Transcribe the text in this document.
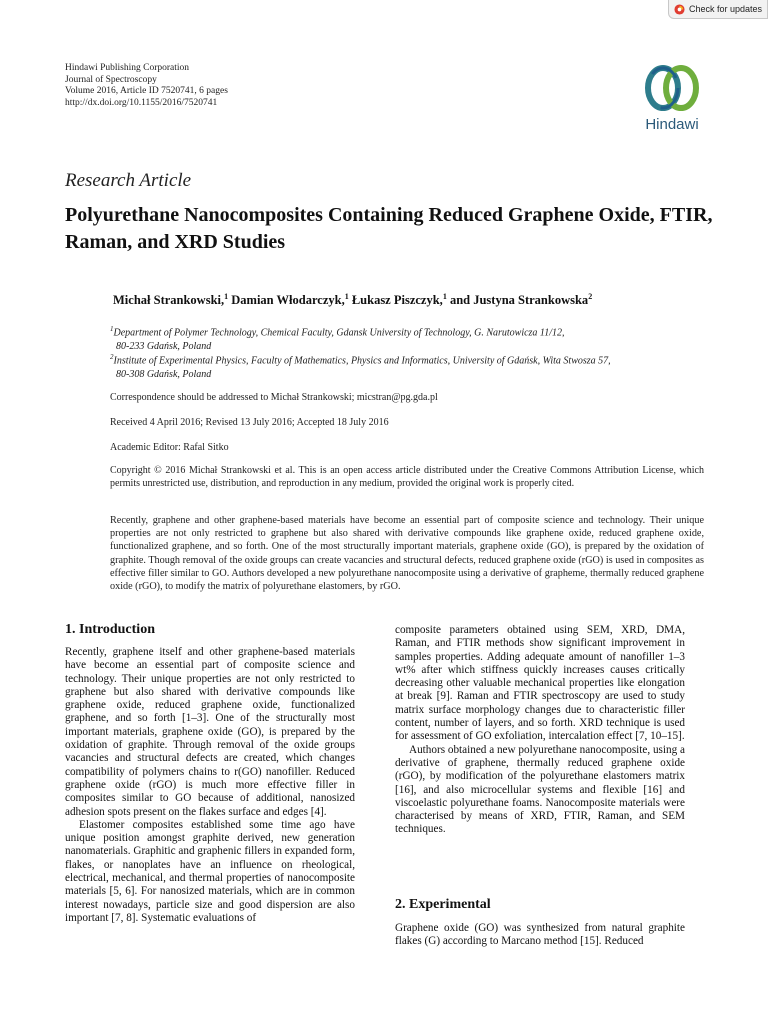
Check for updates
Hindawi Publishing Corporation
Journal of Spectroscopy
Volume 2016, Article ID 7520741, 6 pages
http://dx.doi.org/10.1155/2016/7520741
Hindawi
Research Article
Polyurethane Nanocomposites Containing Reduced Graphene Oxide, FTIR, Raman, and XRD Studies
Michał Strankowski,$^1$ Damian Włodarczyk,$^1$ Łukasz Piszczyk,$^1$ and Justyna Strankowska$^2$
$^1$Department of Polymer Technology, Chemical Faculty, Gdansk University of Technology, G. Narutowicza 11/12,
80-233 Gdańsk, Poland
$^2$Institute of Experimental Physics, Faculty of Mathematics, Physics and Informatics, University of Gdańsk, Wita Stwosza 57,
80-308 Gdańsk, Poland
Correspondence should be addressed to Michał Strankowski; micstran@pg.gda.pl
Received 4 April 2016; Revised 13 July 2016; Accepted 18 July 2016
Academic Editor: Rafal Sitko
Copyright © 2016 Michał Strankowski et al. This is an open access article distributed under the Creative Commons Attribution License, which permits unrestricted use, distribution, and reproduction in any medium, provided the original work is properly cited.
Recently, graphene and other graphene-based materials have become an essential part of composite science and technology. Their unique properties are not only restricted to graphene but also shared with derivative compounds like graphene oxide, reduced graphene oxide, functionalized graphene, and so forth. One of the most structurally important materials, graphene oxide (GO), is prepared by the oxidation of graphite. Though removal of the oxide groups can create vacancies and structural defects, reduced graphene oxide (rGO) is used in composites as effective filler similar to GO. Authors developed a new polyurethane nanocomposite using a derivative of grapheme, thermally reduced graphene oxide (rGO), to modify the matrix of polyurethane elastomers, by rGO.
1. Introduction

Recently, graphene itself and other graphene-based materials have become an essential part of composite science and technology. Their unique properties are not only restricted to graphene but also shared with derivative compounds like graphene oxide, reduced graphene oxide, functionalized graphene, and so forth [1–3]. One of the structurally most important materials, graphene oxide (GO), is prepared by the oxidation of graphite. Through removal of the oxide groups vacancies and structural defects are created, which changes compatibility of polymers chains to r(GO) nanofiller. Reduced graphene oxide (rGO) is much more effective filler in composites similar to GO because of additional, nanosized adhesion spots present on the flakes surface and edges [4].

Elastomer composites established some time ago have unique position amongst graphite derived, new generation nanomaterials. Graphitic and graphenic fillers in expanded form, flakes, or nanoplates have an influence on rheological, electrical, mechanical, and thermal properties of nanocomposite materials [5, 6]. For nanosized materials, which are in common interest nowadays, particle size and good dispersion are also important [7, 8]. Systematic evaluations of

composite parameters obtained using SEM, XRD, DMA, Raman, and FTIR methods show significant improvement in samples properties. Adding adequate amount of nanofiller 1–3 wt% after which stiffness quickly increases causes critically decreasing other valuable mechanical properties like elongation at break [9]. Raman and FTIR spectroscopy are used to study matrix surface morphology changes due to characteristic filler content, number of layers, and so forth. XRD technique is used for assessment of GO exfoliation, intercalation effect [7, 10–15].

Authors obtained a new polyurethane nanocomposite, using a derivative of graphene, thermally reduced graphene oxide (rGO), by modification of the polyurethane elastomers matrix [16], and also microcellular systems and flexible [16] and viscoelastic polyurethane foams. Nanocomposite materials were characterised by means of XRD, FTIR, Raman, and SEM techniques.

2. Experimental
Graphene oxide (GO) was synthesized from natural graphite flakes (G) according to Marcano method [15]. Reduced
